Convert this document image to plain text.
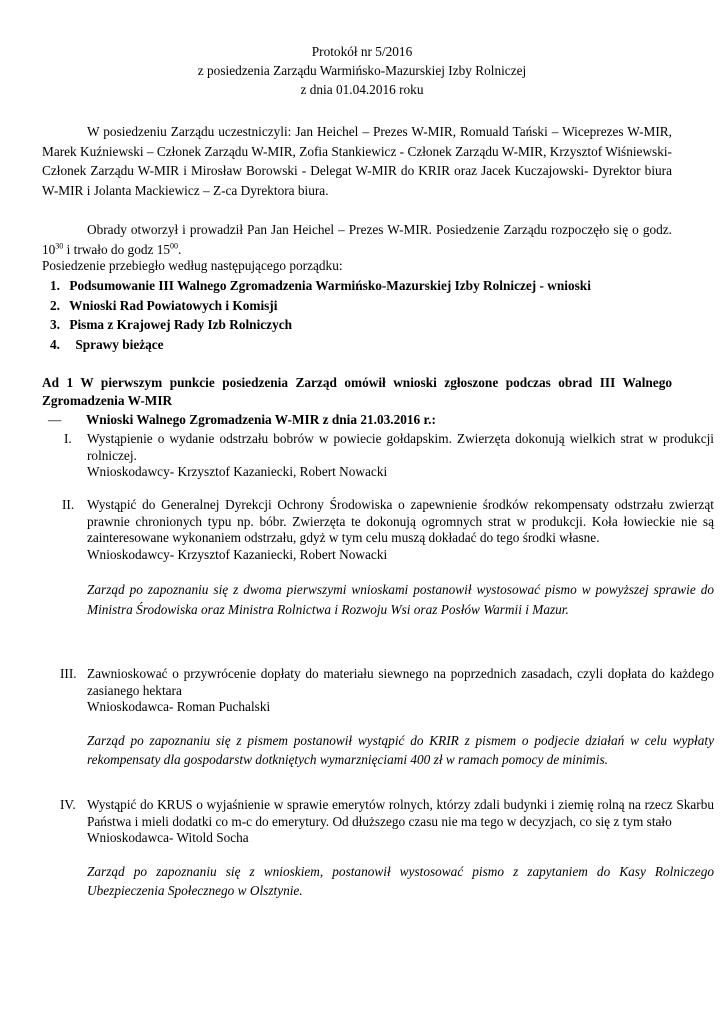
Protokół nr 5/2016
z posiedzenia Zarządu Warmińsko-Mazurskiej Izby Rolniczej
z dnia 01.04.2016 roku
W posiedzeniu Zarządu uczestniczyli: Jan Heichel – Prezes W-MIR, Romuald Tański – Wiceprezes W-MIR, Marek Kuźniewski – Członek Zarządu W-MIR, Zofia Stankiewicz - Członek Zarządu W-MIR, Krzysztof Wiśniewski- Członek Zarządu W-MIR i Mirosław Borowski - Delegat W-MIR do KRIR oraz Jacek Kuczajowski- Dyrektor biura W-MIR i Jolanta Mackiewicz – Z-ca Dyrektora biura.
Obrady otworzył i prowadził Pan Jan Heichel – Prezes W-MIR. Posiedzenie Zarządu rozpoczęło się o godz. $10^{30}$ i trwało do godz $15^{00}$.
Posiedzenie przebiegło według następującego porządku:
1. Podsumowanie III Walnego Zgromadzenia Warmińsko-Mazurskiej Izby Rolniczej - wnioski
2. Wnioski Rad Powiatowych i Komisji
3. Pisma z Krajowej Rady Izb Rolniczych
4. Sprawy bieżące
Ad 1 W pierwszym punkcie posiedzenia Zarząd omówił wnioski zgłoszone podczas obrad III Walnego Zgromadzenia W-MIR
— Wnioski Walnego Zgromadzenia W-MIR z dnia 21.03.2016 r.:
I.	Wystąpienie o wydanie odstrzału bobrów w powiecie gołdapskim. Zwierzęta dokonują wielkich strat w produkcji rolniczej.

Wnioskodawcy- Krzysztof Kazaniecki, Robert Nowacki

II. Wystąpić do Generalnej Dyrekcji Ochrony Środowiska o zapewnienie środków rekompensaty odstrzału zwierząt prawnie chronionych typu np. bóbr. Zwierzęta te dokonują ogromnych strat w produkcji. Koła łowieckie nie są zainteresowane wykonaniem odstrzału, gdyż w tym celu muszą dokładać do tego środki własne.

Wnioskodawcy- Krzysztof Kazaniecki, Robert Nowacki

Zarząd po zapoznaniu się z dwoma pierwszymi wnioskami postanowił wystosować pismo w powyższej sprawie do Ministra Środowiska oraz Ministra Rolnictwa i Rozwoju Wsi oraz Posłów Warmii i Mazur.

III. Zawnioskować o przywrócenie dopłaty do materiału siewnego na poprzednich zasadach, czyli dopłata do każdego zasianego hektara

Wnioskodawca- Roman Puchalski

Zarząd po zapoznaniu się z pismem postanowił wystąpić do KRIR z pismem o podjecie działań w celu wypłaty rekompensaty dla gospodarstw dotkniętych wymarznięciami 400 zł w ramach pomocy de minimis.

IV. Wystąpić do KRUS o wyjaśnienie w sprawie emerytów rolnych, którzy zdali budynki i ziemię rolną na rzecz Skarbu Państwa i mieli dodatki co m-c do emerytury. Od dłuższego czasu nie ma tego w decyzjach, co się z tym stało

Wnioskodawca- Witold Socha

Zarząd po zapoznaniu się z wnioskiem, postanowił wystosować pismo z zapytaniem do Kasy Rolniczego Ubezpieczenia Społecznego w Olsztynie.
